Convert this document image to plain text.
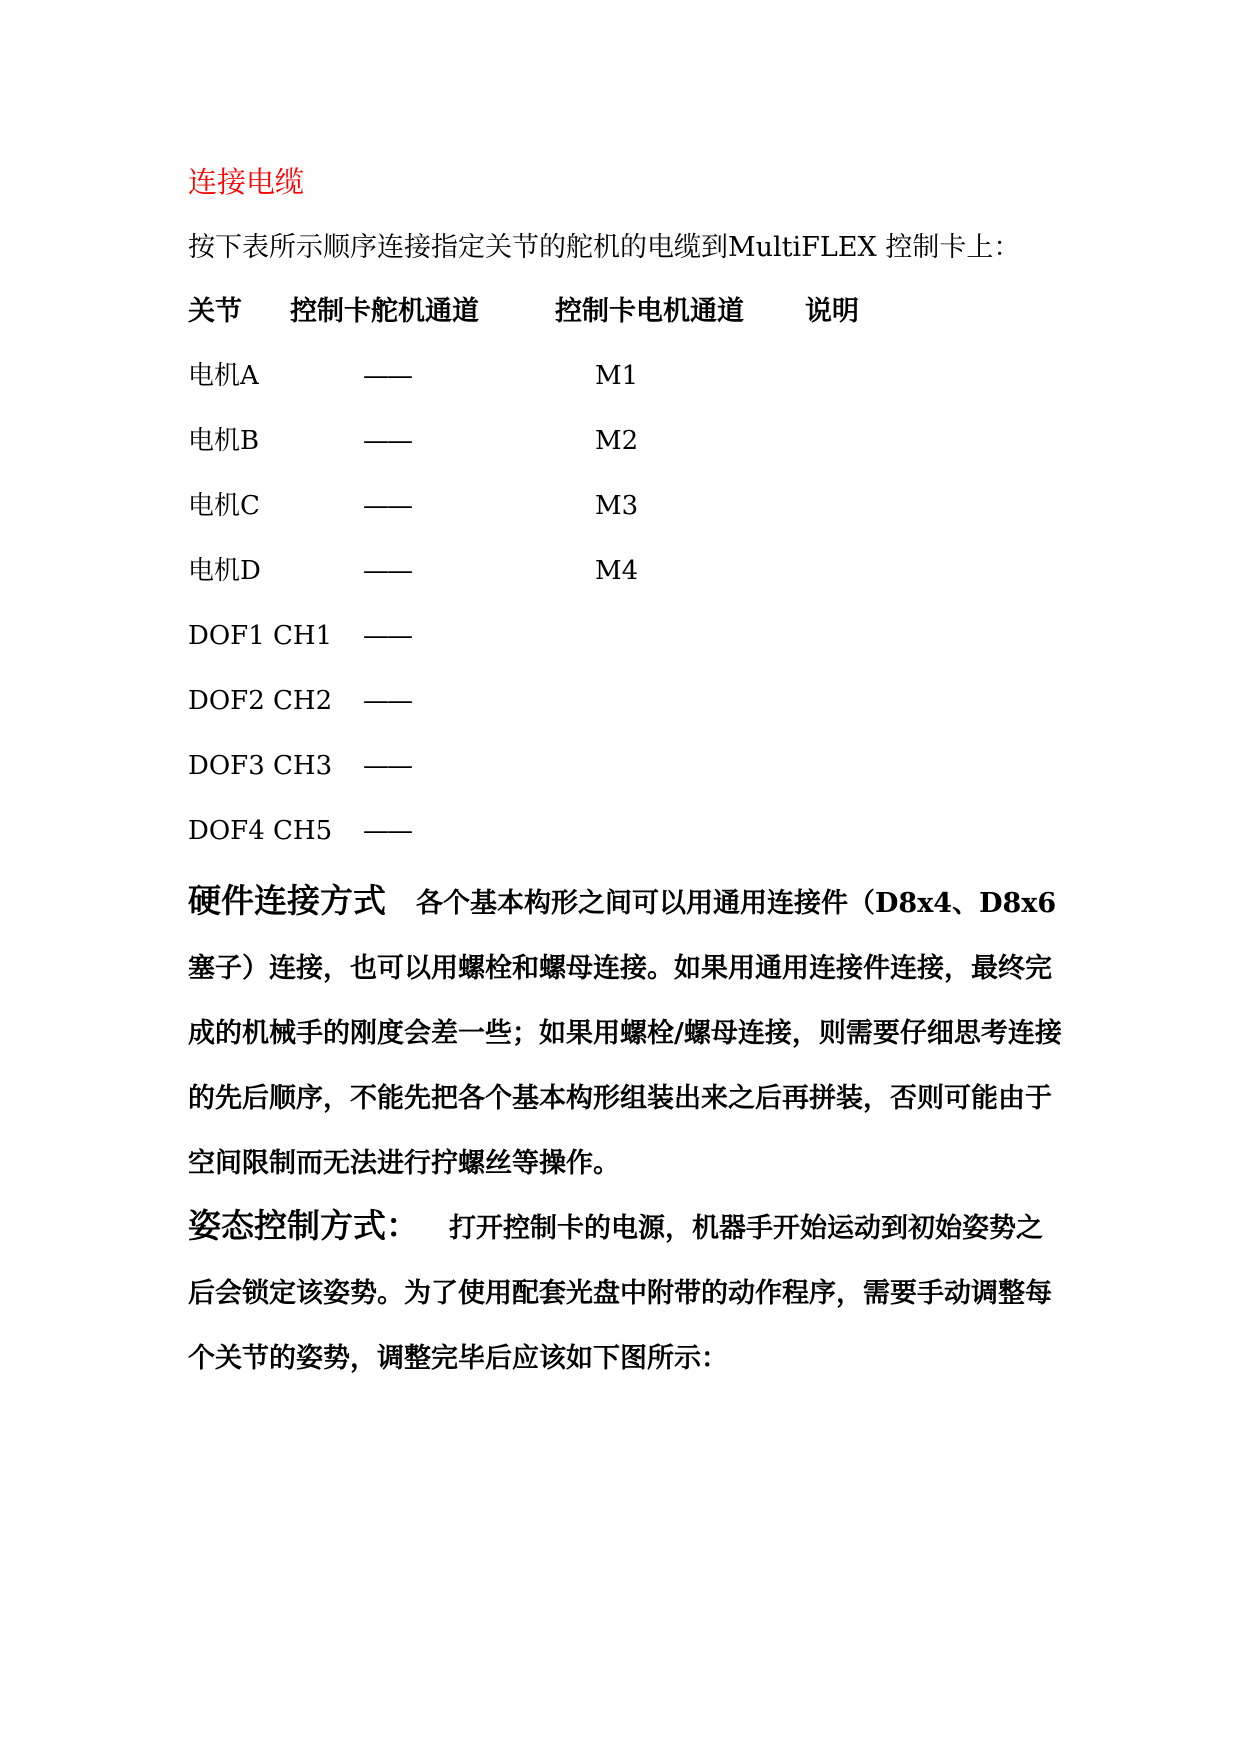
连接电缆
按下表所示顺序连接指定关节的舵机的电缆到MultiFLEX 控制卡上：
关节 控制卡舵机通道	控制卡电机通道 说明
电机A	——	M1
电机B	——	M2
电机C	——	M3
电机D	——	M4
DOF1 CH1 ——
DOF2 CH2 ——
DOF3 CH3 ——
DOF4 CH5 ——
硬件连接方式 各个基本构形之间可以用通用连接件（D8x4、D8x6塞子）连接，也可以用螺栓和螺母连接。如果用通用连接件连接，最终完成的机械手的刚度会差一些；如果用螺栓/螺母连接，则需要仔细思考连接的先后顺序，不能先把各个基本构形组装出来之后再拼装，否则可能由于空间限制而无法进行拧螺丝等操作。
姿态控制方式： 打开控制卡的电源，机器手开始运动到初始姿势之后会锁定该姿势。为了使用配套光盘中附带的动作程序，需要手动调整每个关节的姿势，调整完毕后应该如下图所示：
